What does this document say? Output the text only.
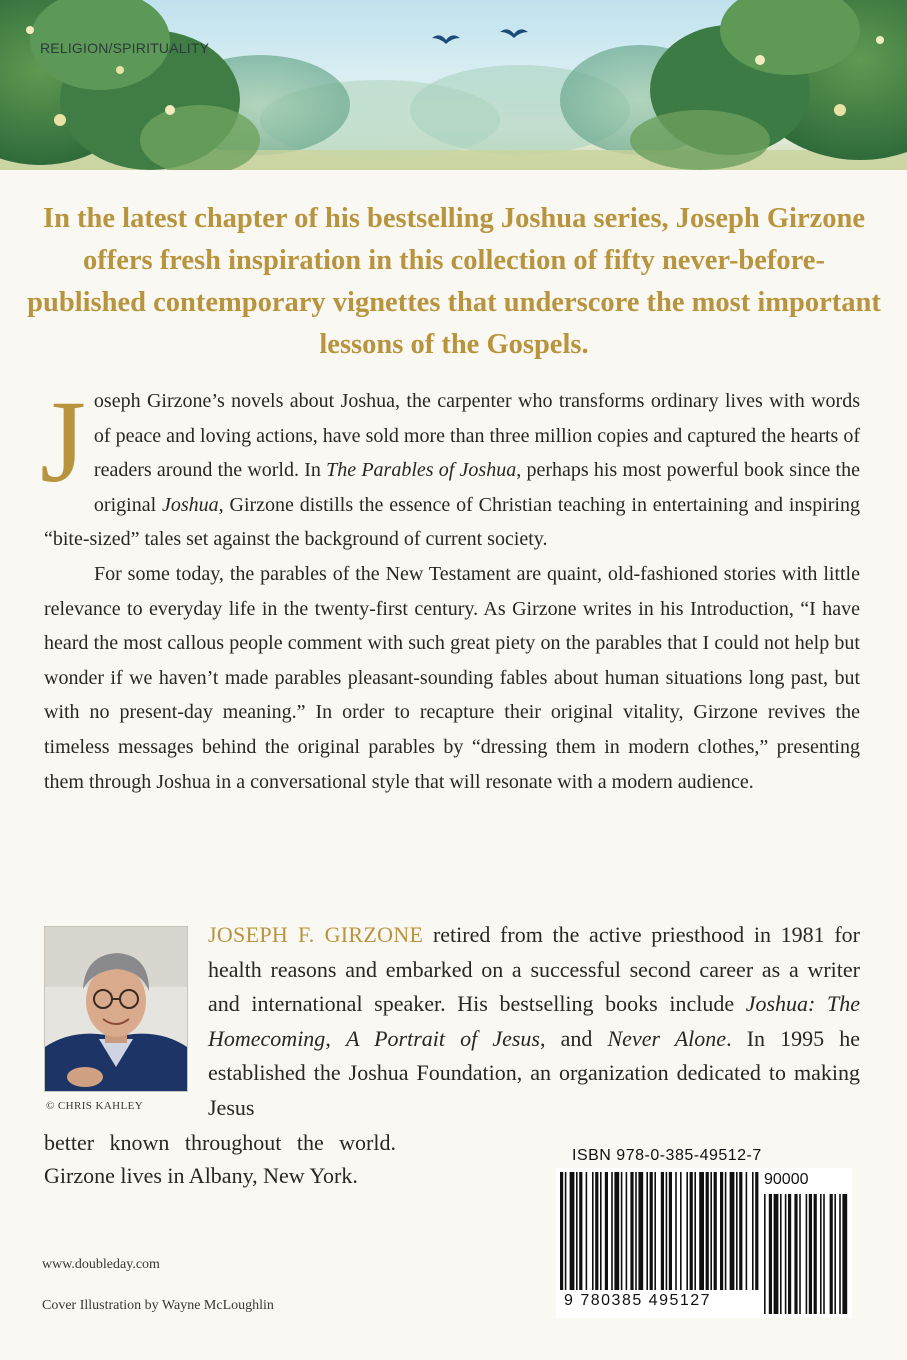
RELIGION/SPIRITUALITY

In the latest chapter of his bestselling Joshua series, Joseph Girzone offers fresh inspiration in this collection of fifty never-before-published contemporary vignettes that underscore the most important lessons of the Gospels.

Joseph Girzone’s novels about Joshua, the carpenter who transforms ordinary lives with words of peace and loving actions, have sold more than three million copies and captured the hearts of readers around the world. In The Parables of Joshua, perhaps his most powerful book since the original Joshua, Girzone distills the essence of Christian teaching in entertaining and inspiring “bite-sized” tales set against the background of current society.

For some today, the parables of the New Testament are quaint, old-fashioned stories with little relevance to everyday life in the twenty-first century. As Girzone writes in his Introduction, “I have heard the most callous people comment with such great piety on the parables that I could not help but wonder if we haven’t made parables pleasant-sounding fables about human situations long past, but with no present-day meaning.” In order to recapture their original vitality, Girzone revives the timeless messages behind the original parables by “dressing them in modern clothes,” presenting them through Joshua in a conversational style that will resonate with a modern audience.

© CHRIS KAHLEY
JOSEPH F. GIRZONE retired from the active priesthood in 1981 for health reasons and embarked on a successful second career as a writer and international speaker. His bestselling books include Joshua: The Homecoming, A Portrait of Jesus, and Never Alone. In 1995 he established the Joshua Foundation, an organization dedicated to making Jesus
better known throughout the world. Girzone lives in Albany, New York.
ISBN 978-0-385-49512-7
90000
9 780385 495127
www.doubleday.com
Cover Illustration by Wayne McLoughlin
